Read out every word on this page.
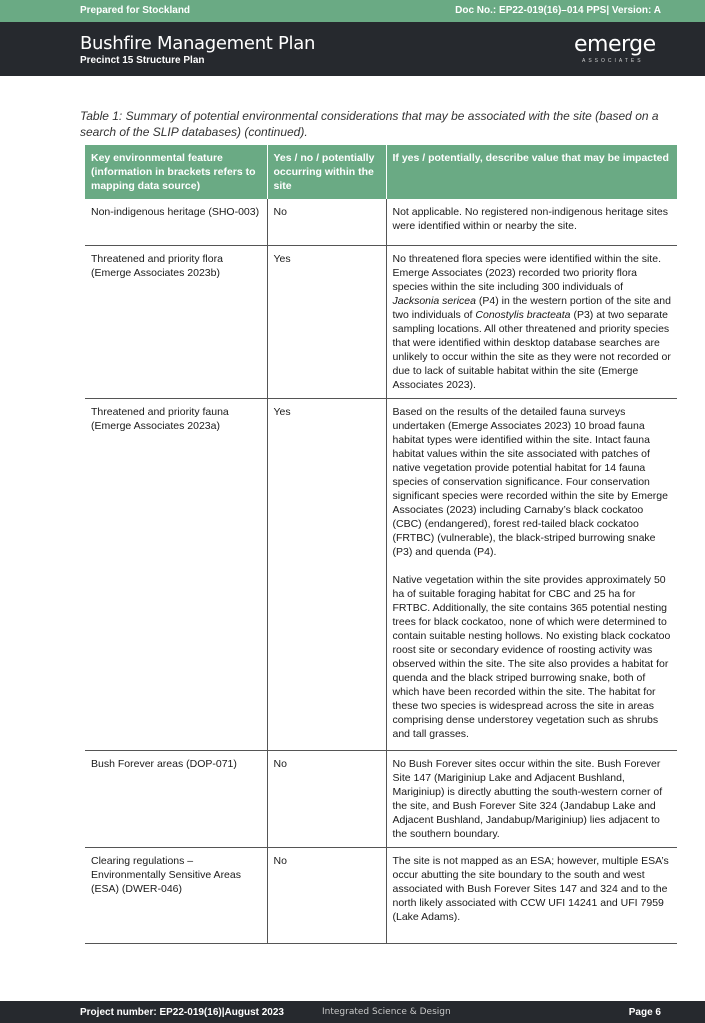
Prepared for Stockland	Doc No.: EP22-019(16)–014 PPS| Version: A
Bushfire Management Plan
Precinct 15 Structure Plan
emerge
ASSOCIATES
Table 1: Summary of potential environmental considerations that may be associated with the site (based on a search of the SLIP databases) (continued).
Key environmental feature (information in brackets refers to mapping data source)	Yes / no / potentially occurring within the site	If yes / potentially, describe value that may be impacted
Non-indigenous heritage (SHO-003)	No	Not applicable. No registered non-indigenous heritage sites were identified within or nearby the site.

Threatened and priority flora (Emerge Associates 2023b)	Yes	No threatened flora species were identified within the site. Emerge Associates (2023) recorded two priority flora species within the site including 300 individuals of Jacksonia sericea (P4) in the western portion of the site and two individuals of Conostylis bracteata (P3) at two separate sampling locations. All other threatened and priority species that were identified within desktop database searches are unlikely to occur within the site as they were not recorded or due to lack of suitable habitat within the site (Emerge Associates 2023).

Threatened and priority fauna (Emerge Associates 2023a)	Yes	Based on the results of the detailed fauna surveys undertaken (Emerge Associates 2023) 10 broad fauna habitat types were identified within the site. Intact fauna habitat values within the site associated with patches of native vegetation provide potential habitat for 14 fauna species of conservation significance. Four conservation significant species were recorded within the site by Emerge Associates (2023) including Carnaby’s black cockatoo (CBC) (endangered), forest red-tailed black cockatoo (FRTBC) (vulnerable), the black-striped burrowing snake (P3) and quenda (P4).
Native vegetation within the site provides approximately 50 ha of suitable foraging habitat for CBC and 25 ha for FRTBC. Additionally, the site contains 365 potential nesting trees for black cockatoo, none of which were determined to contain suitable nesting hollows. No existing black cockatoo roost site or secondary evidence of roosting activity was observed within the site. The site also provides a habitat for quenda and the black striped burrowing snake, both of which have been recorded within the site. The habitat for these two species is widespread across the site in areas comprising dense understorey vegetation such as shrubs and tall grasses.

Bush Forever areas (DOP-071)	No	No Bush Forever sites occur within the site. Bush Forever Site 147 (Mariginiup Lake and Adjacent Bushland, Mariginiup) is directly abutting the south-western corner of the site, and Bush Forever Site 324 (Jandabup Lake and Adjacent Bushland, Jandabup/Mariginiup) lies adjacent to the southern boundary.

Clearing regulations – Environmentally Sensitive Areas (ESA) (DWER-046)	No	The site is not mapped as an ESA; however, multiple ESA’s occur abutting the site boundary to the south and west associated with Bush Forever Sites 147 and 324 and to the north likely associated with CCW UFI 14241 and UFI 7959 (Lake Adams).
Project number: EP22-019(16)|August 2023	Integrated Science & Design	Page 6
